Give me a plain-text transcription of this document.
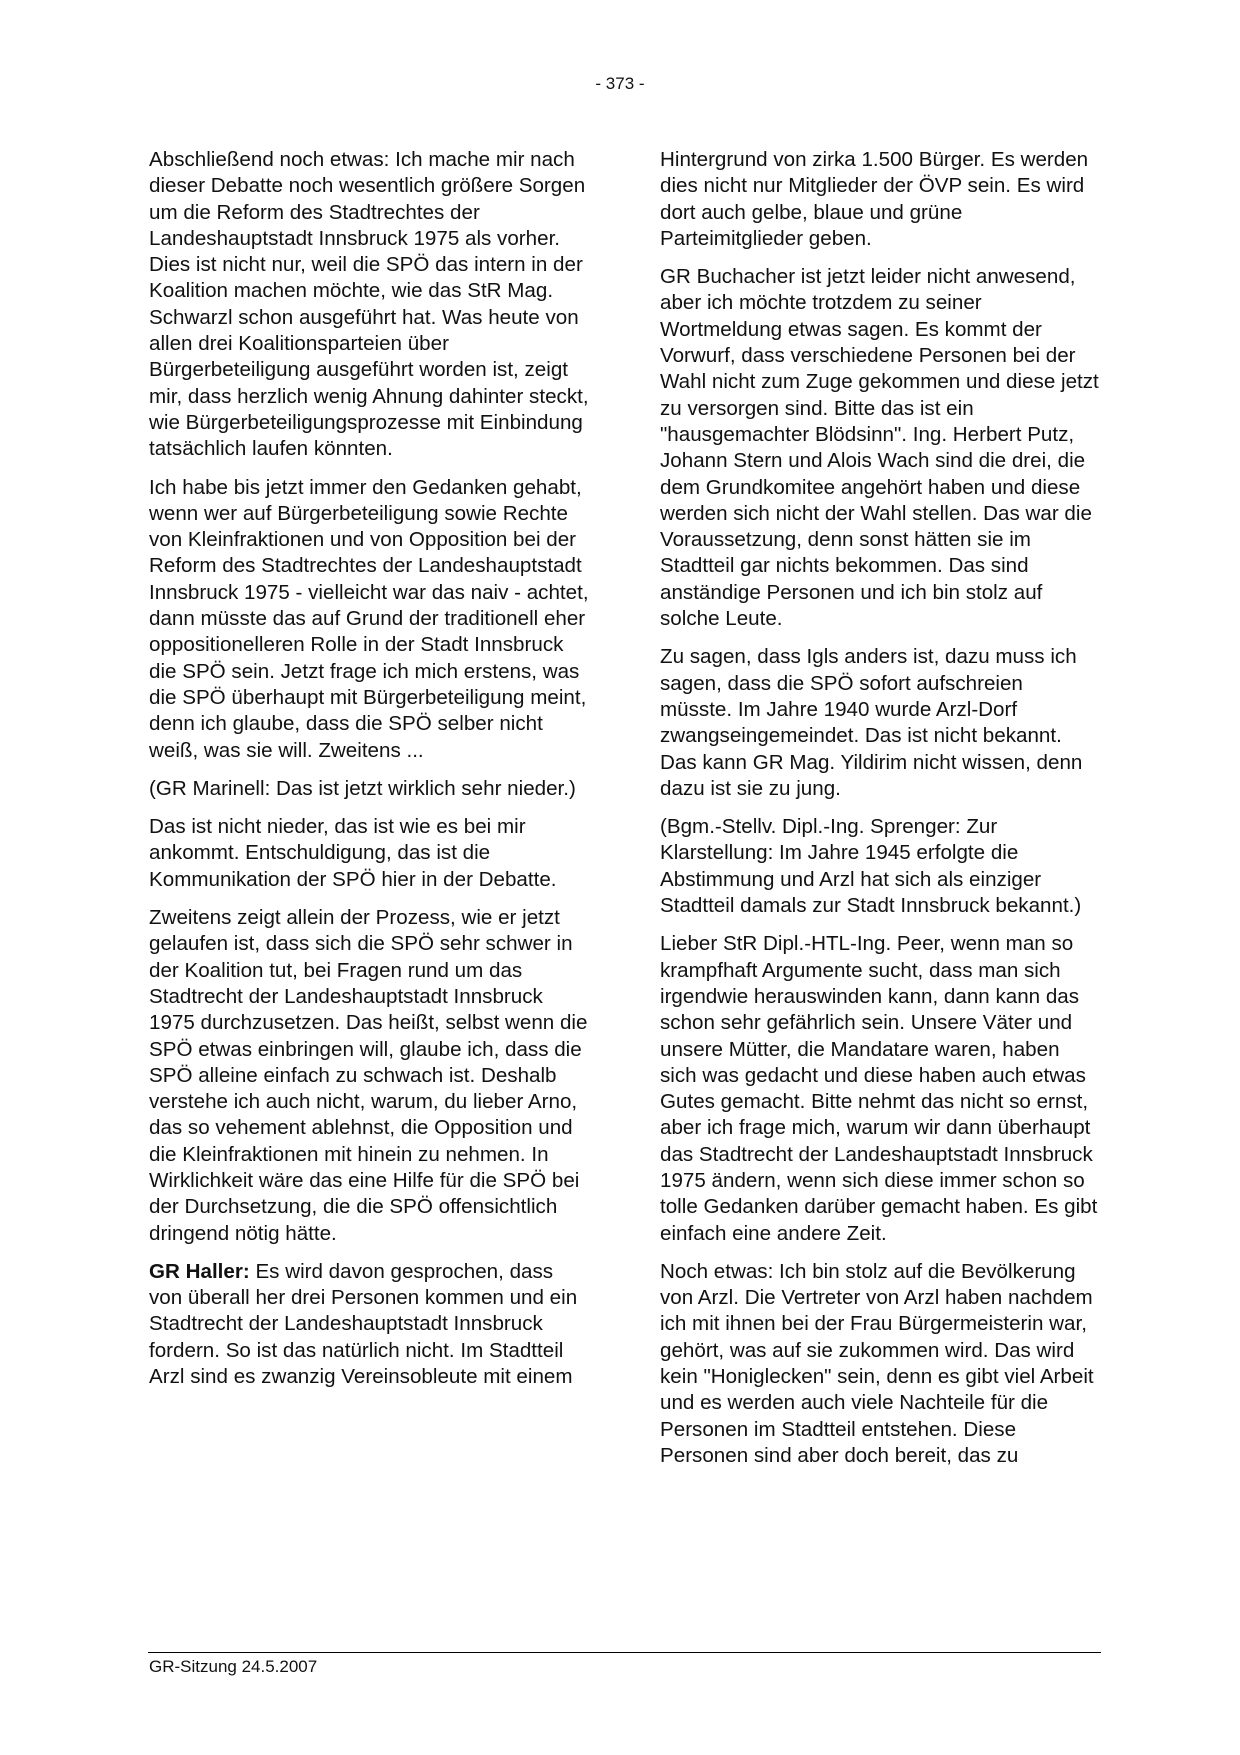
- 373 -

Abschließend noch etwas: Ich mache mir nach dieser Debatte noch wesentlich größere Sorgen um die Reform des Stadtrechtes der Landeshauptstadt Innsbruck 1975 als vorher. Dies ist nicht nur, weil die SPÖ das intern in der Koalition machen möchte, wie das StR Mag. Schwarzl schon ausgeführt hat. Was heute von allen drei Koalitionsparteien über Bürgerbeteiligung ausgeführt worden ist, zeigt mir, dass herzlich wenig Ahnung dahinter steckt, wie Bürgerbeteiligungsprozesse mit Einbindung tatsächlich laufen könnten.

Ich habe bis jetzt immer den Gedanken gehabt, wenn wer auf Bürgerbeteiligung sowie Rechte von Kleinfraktionen und von Opposition bei der Reform des Stadtrechtes der Landeshauptstadt Innsbruck 1975 - vielleicht war das naiv - achtet, dann müsste das auf Grund der traditionell eher oppositionelleren Rolle in der Stadt Innsbruck die SPÖ sein. Jetzt frage ich mich erstens, was die SPÖ überhaupt mit Bürgerbeteiligung meint, denn ich glaube, dass die SPÖ selber nicht weiß, was sie will. Zweitens ...

(GR Marinell: Das ist jetzt wirklich sehr nieder.)

Das ist nicht nieder, das ist wie es bei mir ankommt. Entschuldigung, das ist die Kommunikation der SPÖ hier in der Debatte.

Zweitens zeigt allein der Prozess, wie er jetzt gelaufen ist, dass sich die SPÖ sehr schwer in der Koalition tut, bei Fragen rund um das Stadtrecht der Landeshauptstadt Innsbruck 1975 durchzusetzen. Das heißt, selbst wenn die SPÖ etwas einbringen will, glaube ich, dass die SPÖ alleine einfach zu schwach ist. Deshalb verstehe ich auch nicht, warum, du lieber Arno, das so vehement ablehnst, die Opposition und die Kleinfraktionen mit hinein zu nehmen. In Wirklichkeit wäre das eine Hilfe für die SPÖ bei der Durchsetzung, die die SPÖ offensichtlich dringend nötig hätte.

GR Haller: Es wird davon gesprochen, dass von überall her drei Personen kommen und ein Stadtrecht der Landeshauptstadt Innsbruck fordern. So ist das natürlich nicht. Im Stadtteil Arzl sind es zwanzig Vereinsobleute mit einem

Hintergrund von zirka 1.500 Bürger. Es werden dies nicht nur Mitglieder der ÖVP sein. Es wird dort auch gelbe, blaue und grüne Parteimitglieder geben.

GR Buchacher ist jetzt leider nicht anwesend, aber ich möchte trotzdem zu seiner Wortmeldung etwas sagen. Es kommt der Vorwurf, dass verschiedene Personen bei der Wahl nicht zum Zuge gekommen und diese jetzt zu versorgen sind. Bitte das ist ein "hausgemachter Blödsinn". Ing. Herbert Putz, Johann Stern und Alois Wach sind die drei, die dem Grundkomitee angehört haben und diese werden sich nicht der Wahl stellen. Das war die Voraussetzung, denn sonst hätten sie im Stadtteil gar nichts bekommen. Das sind anständige Personen und ich bin stolz auf solche Leute.

Zu sagen, dass Igls anders ist, dazu muss ich sagen, dass die SPÖ sofort aufschreien müsste. Im Jahre 1940 wurde Arzl-Dorf zwangseingemeindet. Das ist nicht bekannt. Das kann GR Mag. Yildirim nicht wissen, denn dazu ist sie zu jung.

(Bgm.-Stellv. Dipl.-Ing. Sprenger: Zur Klarstellung: Im Jahre 1945 erfolgte die Abstimmung und Arzl hat sich als einziger Stadtteil damals zur Stadt Innsbruck bekannt.)

Lieber StR Dipl.-HTL-Ing. Peer, wenn man so krampfhaft Argumente sucht, dass man sich irgendwie herauswinden kann, dann kann das schon sehr gefährlich sein. Unsere Väter und unsere Mütter, die Mandatare waren, haben sich was gedacht und diese haben auch etwas Gutes gemacht. Bitte nehmt das nicht so ernst, aber ich frage mich, warum wir dann überhaupt das Stadtrecht der Landeshauptstadt Innsbruck 1975 ändern, wenn sich diese immer schon so tolle Gedanken darüber gemacht haben. Es gibt einfach eine andere Zeit.

Noch etwas: Ich bin stolz auf die Bevölkerung von Arzl. Die Vertreter von Arzl haben nachdem ich mit ihnen bei der Frau Bürgermeisterin war, gehört, was auf sie zukommen wird. Das wird kein "Honiglecken" sein, denn es gibt viel Arbeit und es werden auch viele Nachteile für die Personen im Stadtteil entstehen. Diese Personen sind aber doch bereit, das zu

GR-Sitzung 24.5.2007
